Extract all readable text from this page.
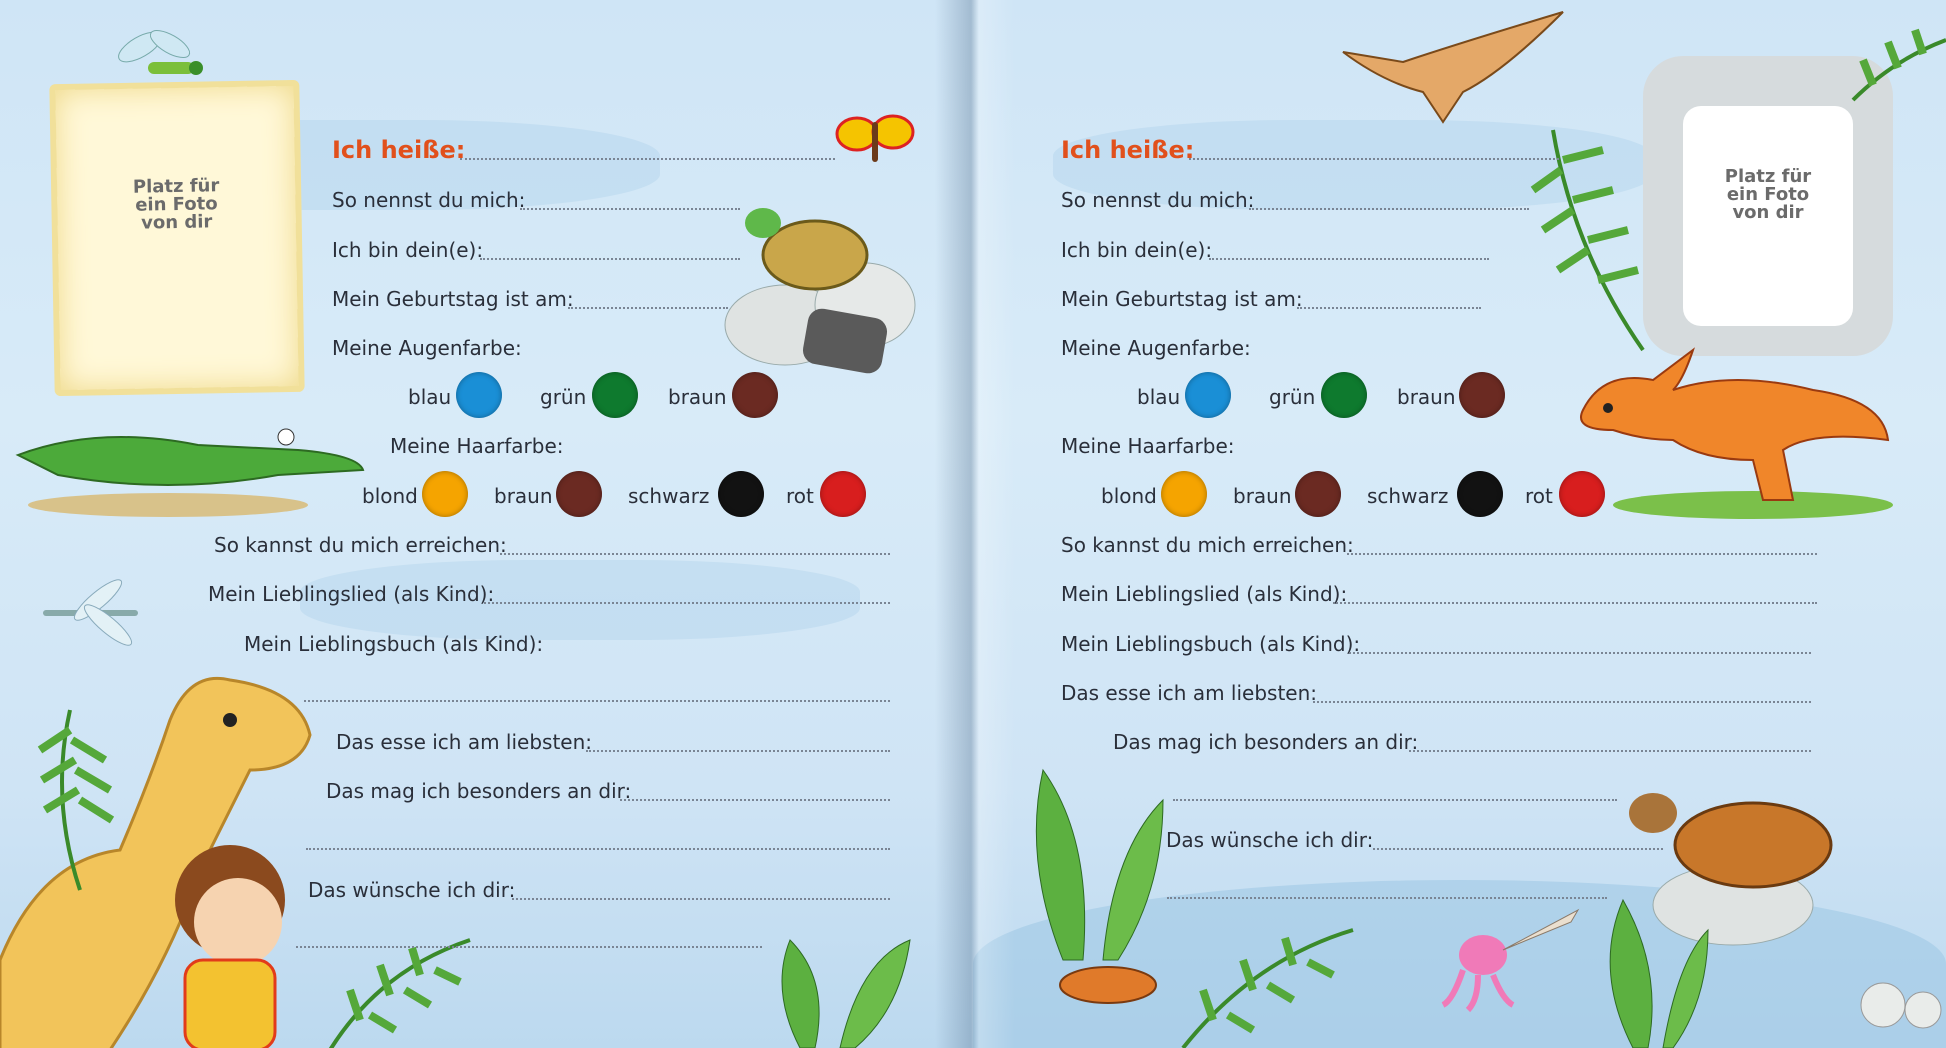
Platz für
ein Foto
von dir
Ich heiße:
So nennst du mich:
Ich bin dein(e):
Mein Geburtstag ist am:
Meine Augenfarbe:
blau	grün	braun
Meine Haarfarbe:
blond	braun	schwarz	rot
So kannst du mich erreichen:
Mein Lieblingslied (als Kind):
Mein Lieblingsbuch (als Kind):
Das esse ich am liebsten:
Das mag ich besonders an dir:
Das wünsche ich dir:
Platz für
ein Foto
von dir
Ich heiße:
So nennst du mich:
Ich bin dein(e):
Mein Geburtstag ist am:
Meine Augenfarbe:
blau	grün	braun
Meine Haarfarbe:
blond	braun	schwarz	rot
So kannst du mich erreichen:
Mein Lieblingslied (als Kind):
Mein Lieblingsbuch (als Kind):
Das esse ich am liebsten:
Das mag ich besonders an dir:
Das wünsche ich dir:
